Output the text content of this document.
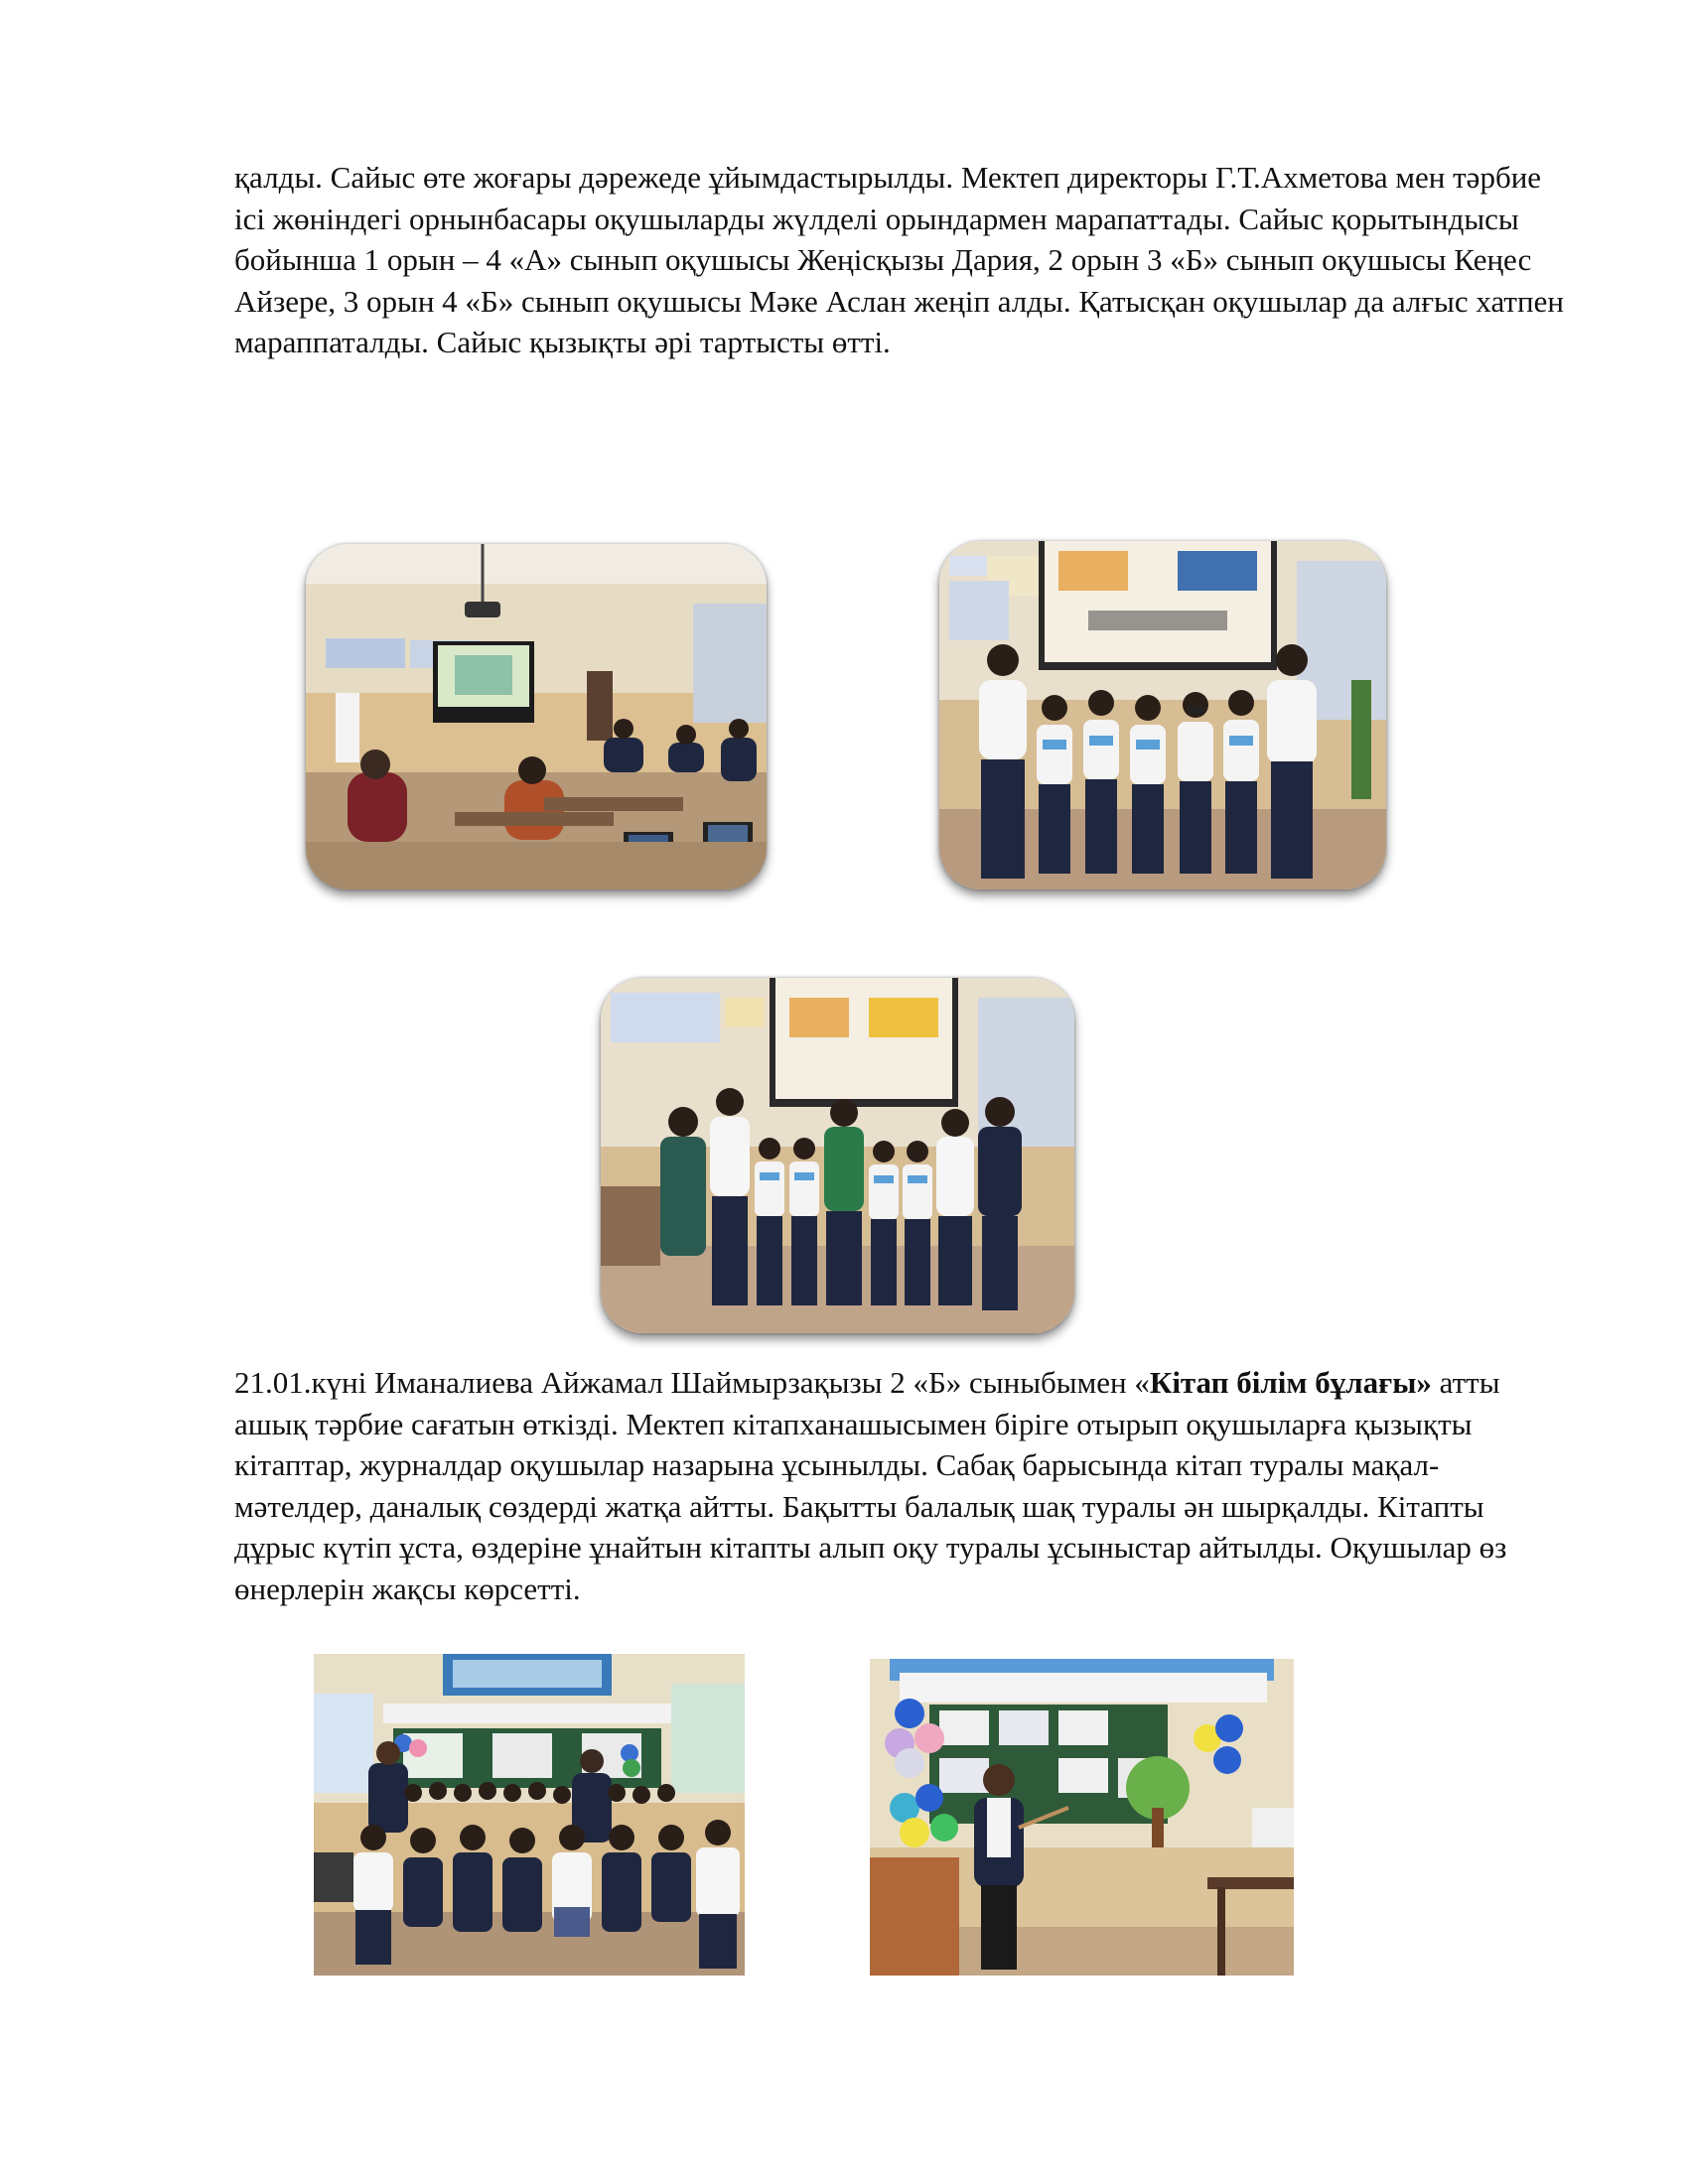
қалды. Сайыс өте жоғары дәрежеде ұйымдастырылды. Мектеп директоры Г.Т.Ахметова мен тәрбие ісі жөніндегі орнынбасары оқушыларды жүлделі орындармен марапаттады. Сайыс қорытындысы бойынша 1 орын – 4 «А» сынып оқушысы Жеңісқызы Дария, 2 орын 3 «Б» сынып оқушысы Кеңес Айзере, 3 орын 4 «Б» сынып оқушысы Мәке Аслан жеңіп алды. Қатысқан оқушылар да алғыс хатпен мараппаталды. Сайыс қызықты әрі тартысты өтті.

21.01.күні Иманалиева Айжамал Шаймырзақызы 2 «Б» сыныбымен «Кітап білім бұлағы» атты ашық тәрбие сағатын өткізді. Мектеп кітапханашысымен бірігe отырып оқушыларға қызықты кітаптар, журналдар оқушылар назарына ұсынылды. Сабақ барысында кітап туралы мақал-мәтелдер, даналық сөздерді жатқа айтты. Бақытты балалық шақ туралы ән шырқалды. Кітапты дұрыс күтіп ұста, өздеріне ұнайтын кітапты алып оқу туралы ұсыныстар айтылды. Оқушылар өз өнерлерін жақсы көрсетті.
